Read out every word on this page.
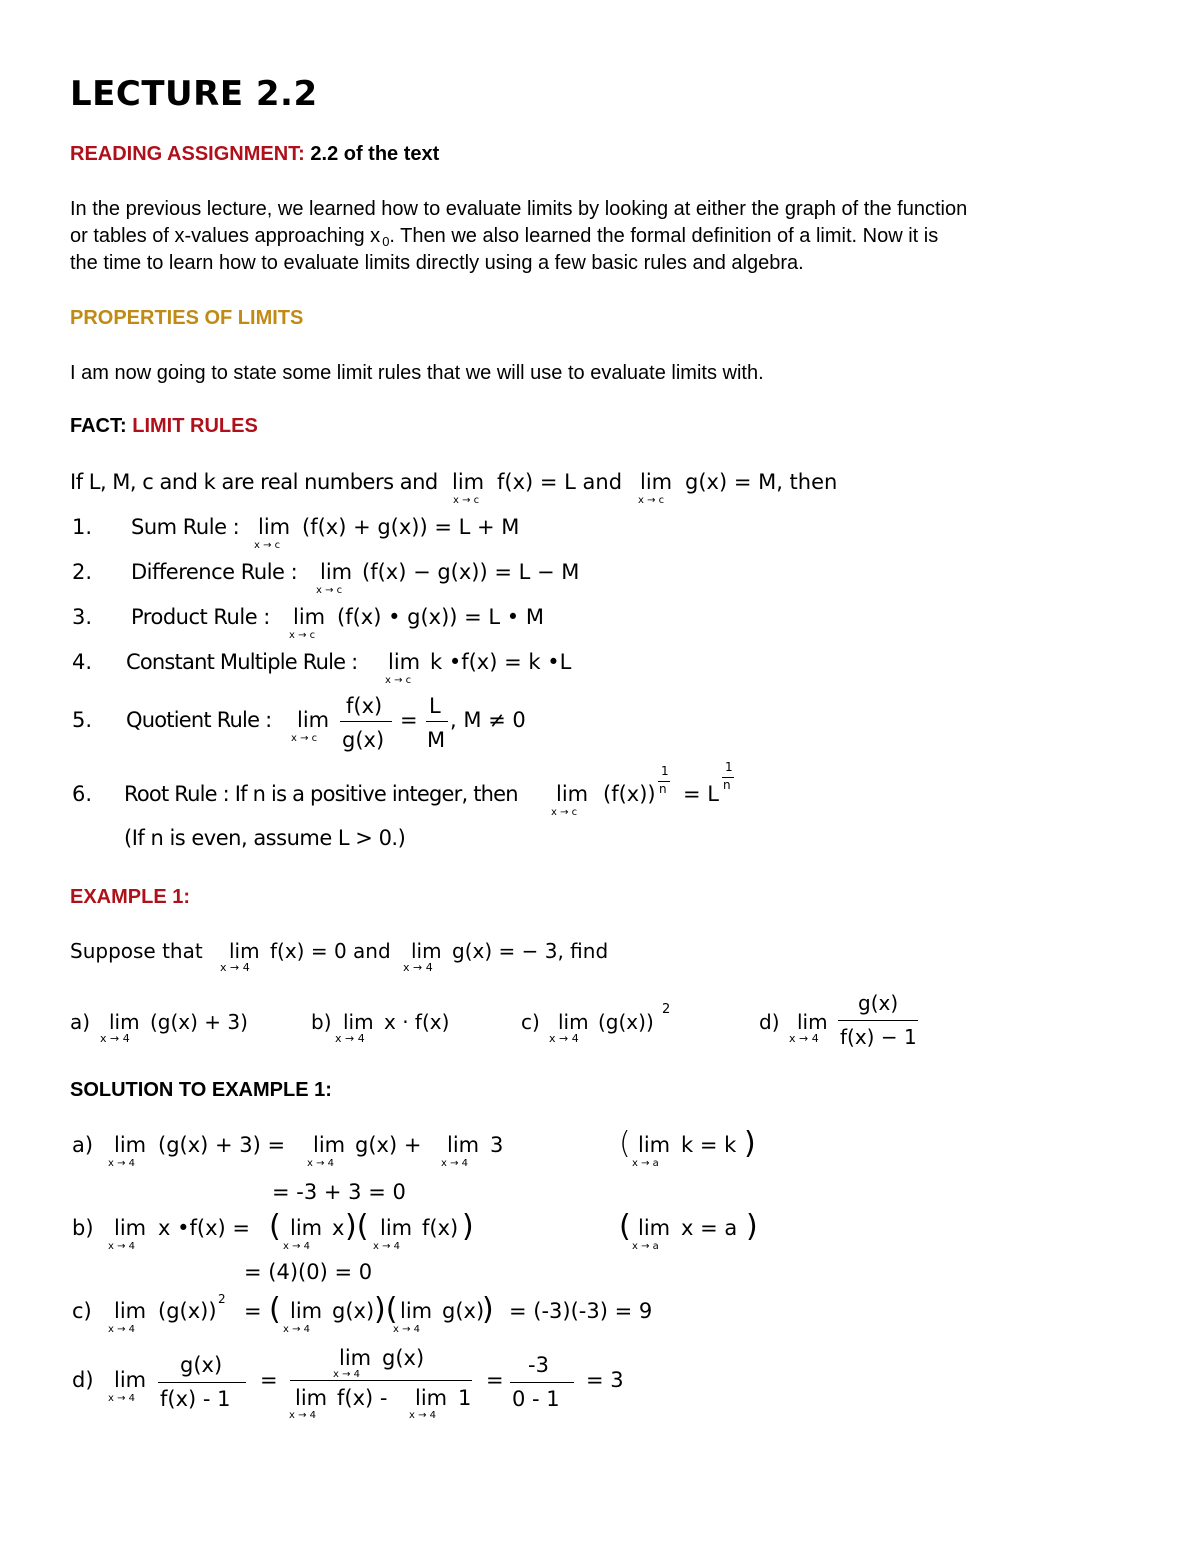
LECTURE 2.2
READING ASSIGNMENT: 2.2 of the text
In the previous lecture, we learned how to evaluate limits by looking at either the graph of the function
or tables of x-values approaching x $_0$. Then we also learned the formal definition of a limit. Now it is
the time to learn how to evaluate limits directly using a few basic rules and algebra.
PROPERTIES OF LIMITS
I am now going to state some limit rules that we will use to evaluate limits with.
FACT: LIMIT RULES
If L, M, c and k are real numbers and lim
x → c
f(x) = L and lim
x → c
g(x) = M, then
1. Sum Rule : lim
x → c
(f(x) + g(x)) = L + M
2. Difference Rule : lim
x → c
(f(x) − g(x)) = L − M
3. Product Rule : lim
x → c
(f(x) • g(x)) = L • M
4. Constant Multiple Rule : lim
x → c
k •f(x) = k •L
5. Quotient Rule : lim
x → c
f(x)
g(x)
=
L
M
, M ≠ 0
6. Root Rule : If n is a positive integer, then lim
x → c
(f(x))
1
n = L
1
n
(If n is even, assume L > 0.)
EXAMPLE 1:
Suppose that lim
x → 4
f(x) = 0 and lim
x → 4
g(x) = − 3, find
a) lim
x → 4
(g(x) + 3)	b) lim
x → 4
x · f(x)	c) lim
x → 4
(g(x))
2
d) lim
x → 4
g(x)
f(x) − 1
SOLUTION TO EXAMPLE 1:
a) lim
x → 4
(g(x) + 3) = lim
x → 4
g(x) + lim
x → 4
3	( lim
x → a
k = k )
= -3 + 3 = 0
b) lim
x → 4
x •f(x) = ( lim
x → 4
x )( lim
x → 4
f(x) )	( lim
x → a
x = a )
= (4)(0) = 0
c) lim
x → 4
(g(x)) 2 = ( lim
x → 4
g(x) )( lim
x → 4
g(x)
) = (-3)(-3) = 9
d) lim
x → 4
g(x)
f(x) - 1
=
lim
x → 4
g(x)
lim
x → 4
f(x) - lim
x → 4
1
=
-3
0 - 1
= 3
